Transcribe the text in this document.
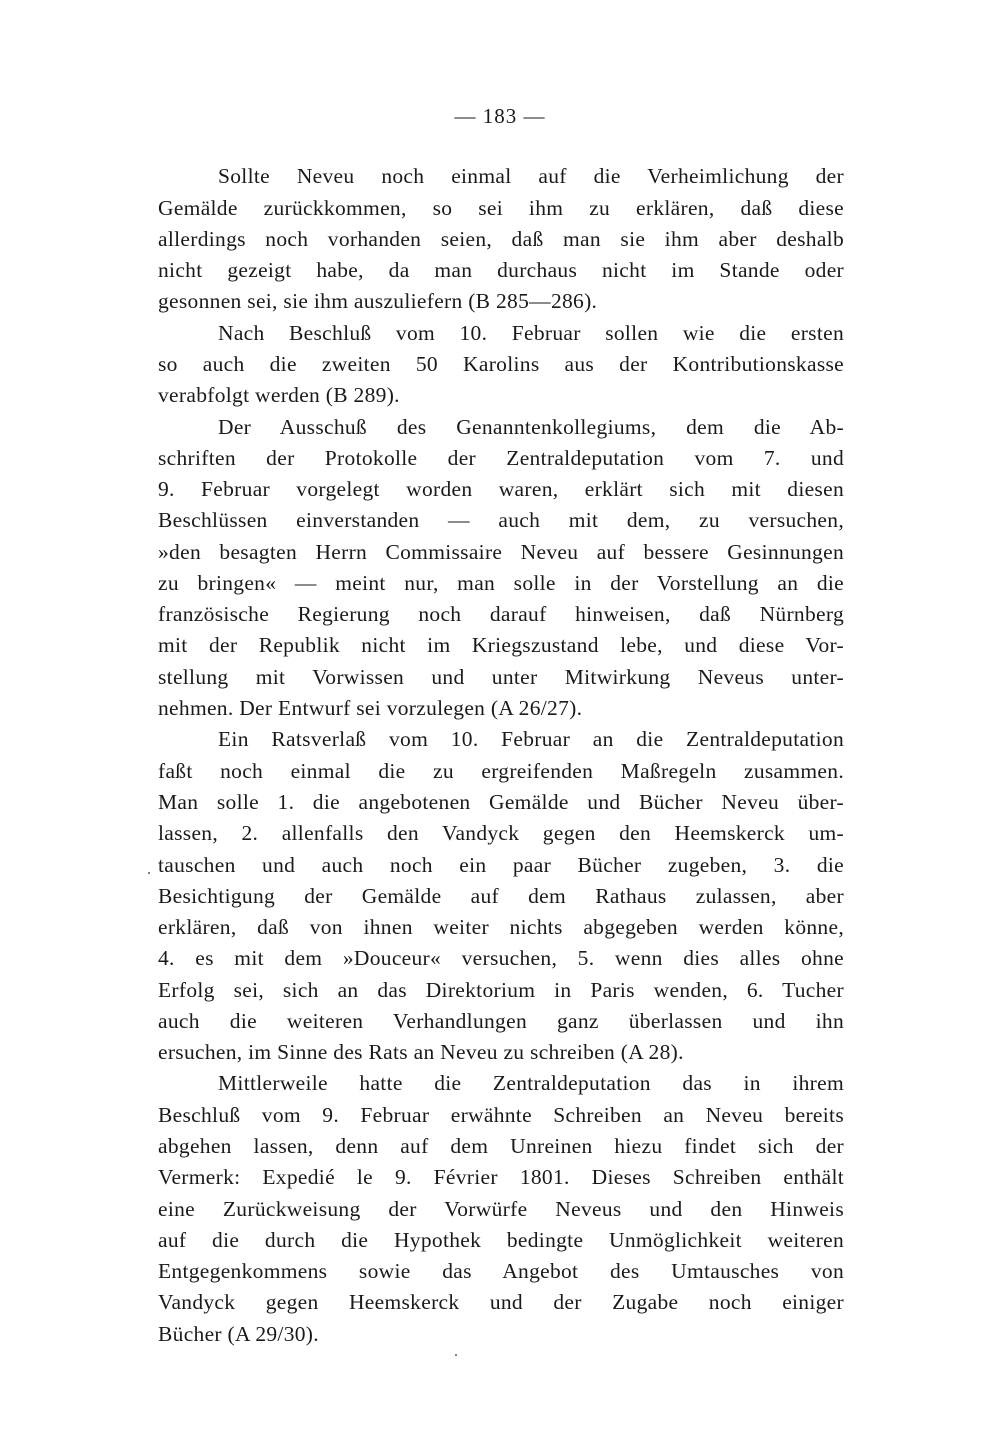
— 183 —
Sollte Neveu noch einmal auf die Verheimlichung der
Gemälde zurückkommen, so sei ihm zu erklären, daß diese
allerdings noch vorhanden seien, daß man sie ihm aber deshalb
nicht gezeigt habe, da man durchaus nicht im Stande oder
gesonnen sei, sie ihm auszuliefern (B 285—286).
Nach Beschluß vom 10. Februar sollen wie die ersten
so auch die zweiten 50 Karolins aus der Kontributionskasse
verabfolgt werden (B 289).
Der Ausschuß des Genanntenkollegiums, dem die Ab-
schriften der Protokolle der Zentraldeputation vom 7. und
9. Februar vorgelegt worden waren, erklärt sich mit diesen
Beschlüssen einverstanden — auch mit dem, zu versuchen,
»den besagten Herrn Commissaire Neveu auf bessere Gesinnungen
zu bringen« — meint nur, man solle in der Vorstellung an die
französische Regierung noch darauf hinweisen, daß Nürnberg
mit der Republik nicht im Kriegszustand lebe, und diese Vor-
stellung mit Vorwissen und unter Mitwirkung Neveus unter-
nehmen. Der Entwurf sei vorzulegen (A 26/27).
Ein Ratsverlaß vom 10. Februar an die Zentraldeputation
faßt noch einmal die zu ergreifenden Maßregeln zusammen.
Man solle 1. die angebotenen Gemälde und Bücher Neveu über-
lassen, 2. allenfalls den Vandyck gegen den Heemskerck um-
tauschen und auch noch ein paar Bücher zugeben, 3. die
Besichtigung der Gemälde auf dem Rathaus zulassen, aber
erklären, daß von ihnen weiter nichts abgegeben werden könne,
4. es mit dem »Douceur« versuchen, 5. wenn dies alles ohne
Erfolg sei, sich an das Direktorium in Paris wenden, 6. Tucher
auch die weiteren Verhandlungen ganz überlassen und ihn
ersuchen, im Sinne des Rats an Neveu zu schreiben (A 28).
Mittlerweile hatte die Zentraldeputation das in ihrem
Beschluß vom 9. Februar erwähnte Schreiben an Neveu bereits
abgehen lassen, denn auf dem Unreinen hiezu findet sich der
Vermerk: Expedié le 9. Février 1801. Dieses Schreiben enthält
eine Zurückweisung der Vorwürfe Neveus und den Hinweis
auf die durch die Hypothek bedingte Unmöglichkeit weiteren
Entgegenkommens sowie das Angebot des Umtausches von
Vandyck gegen Heemskerck und der Zugabe noch einiger
Bücher (A 29/30).
